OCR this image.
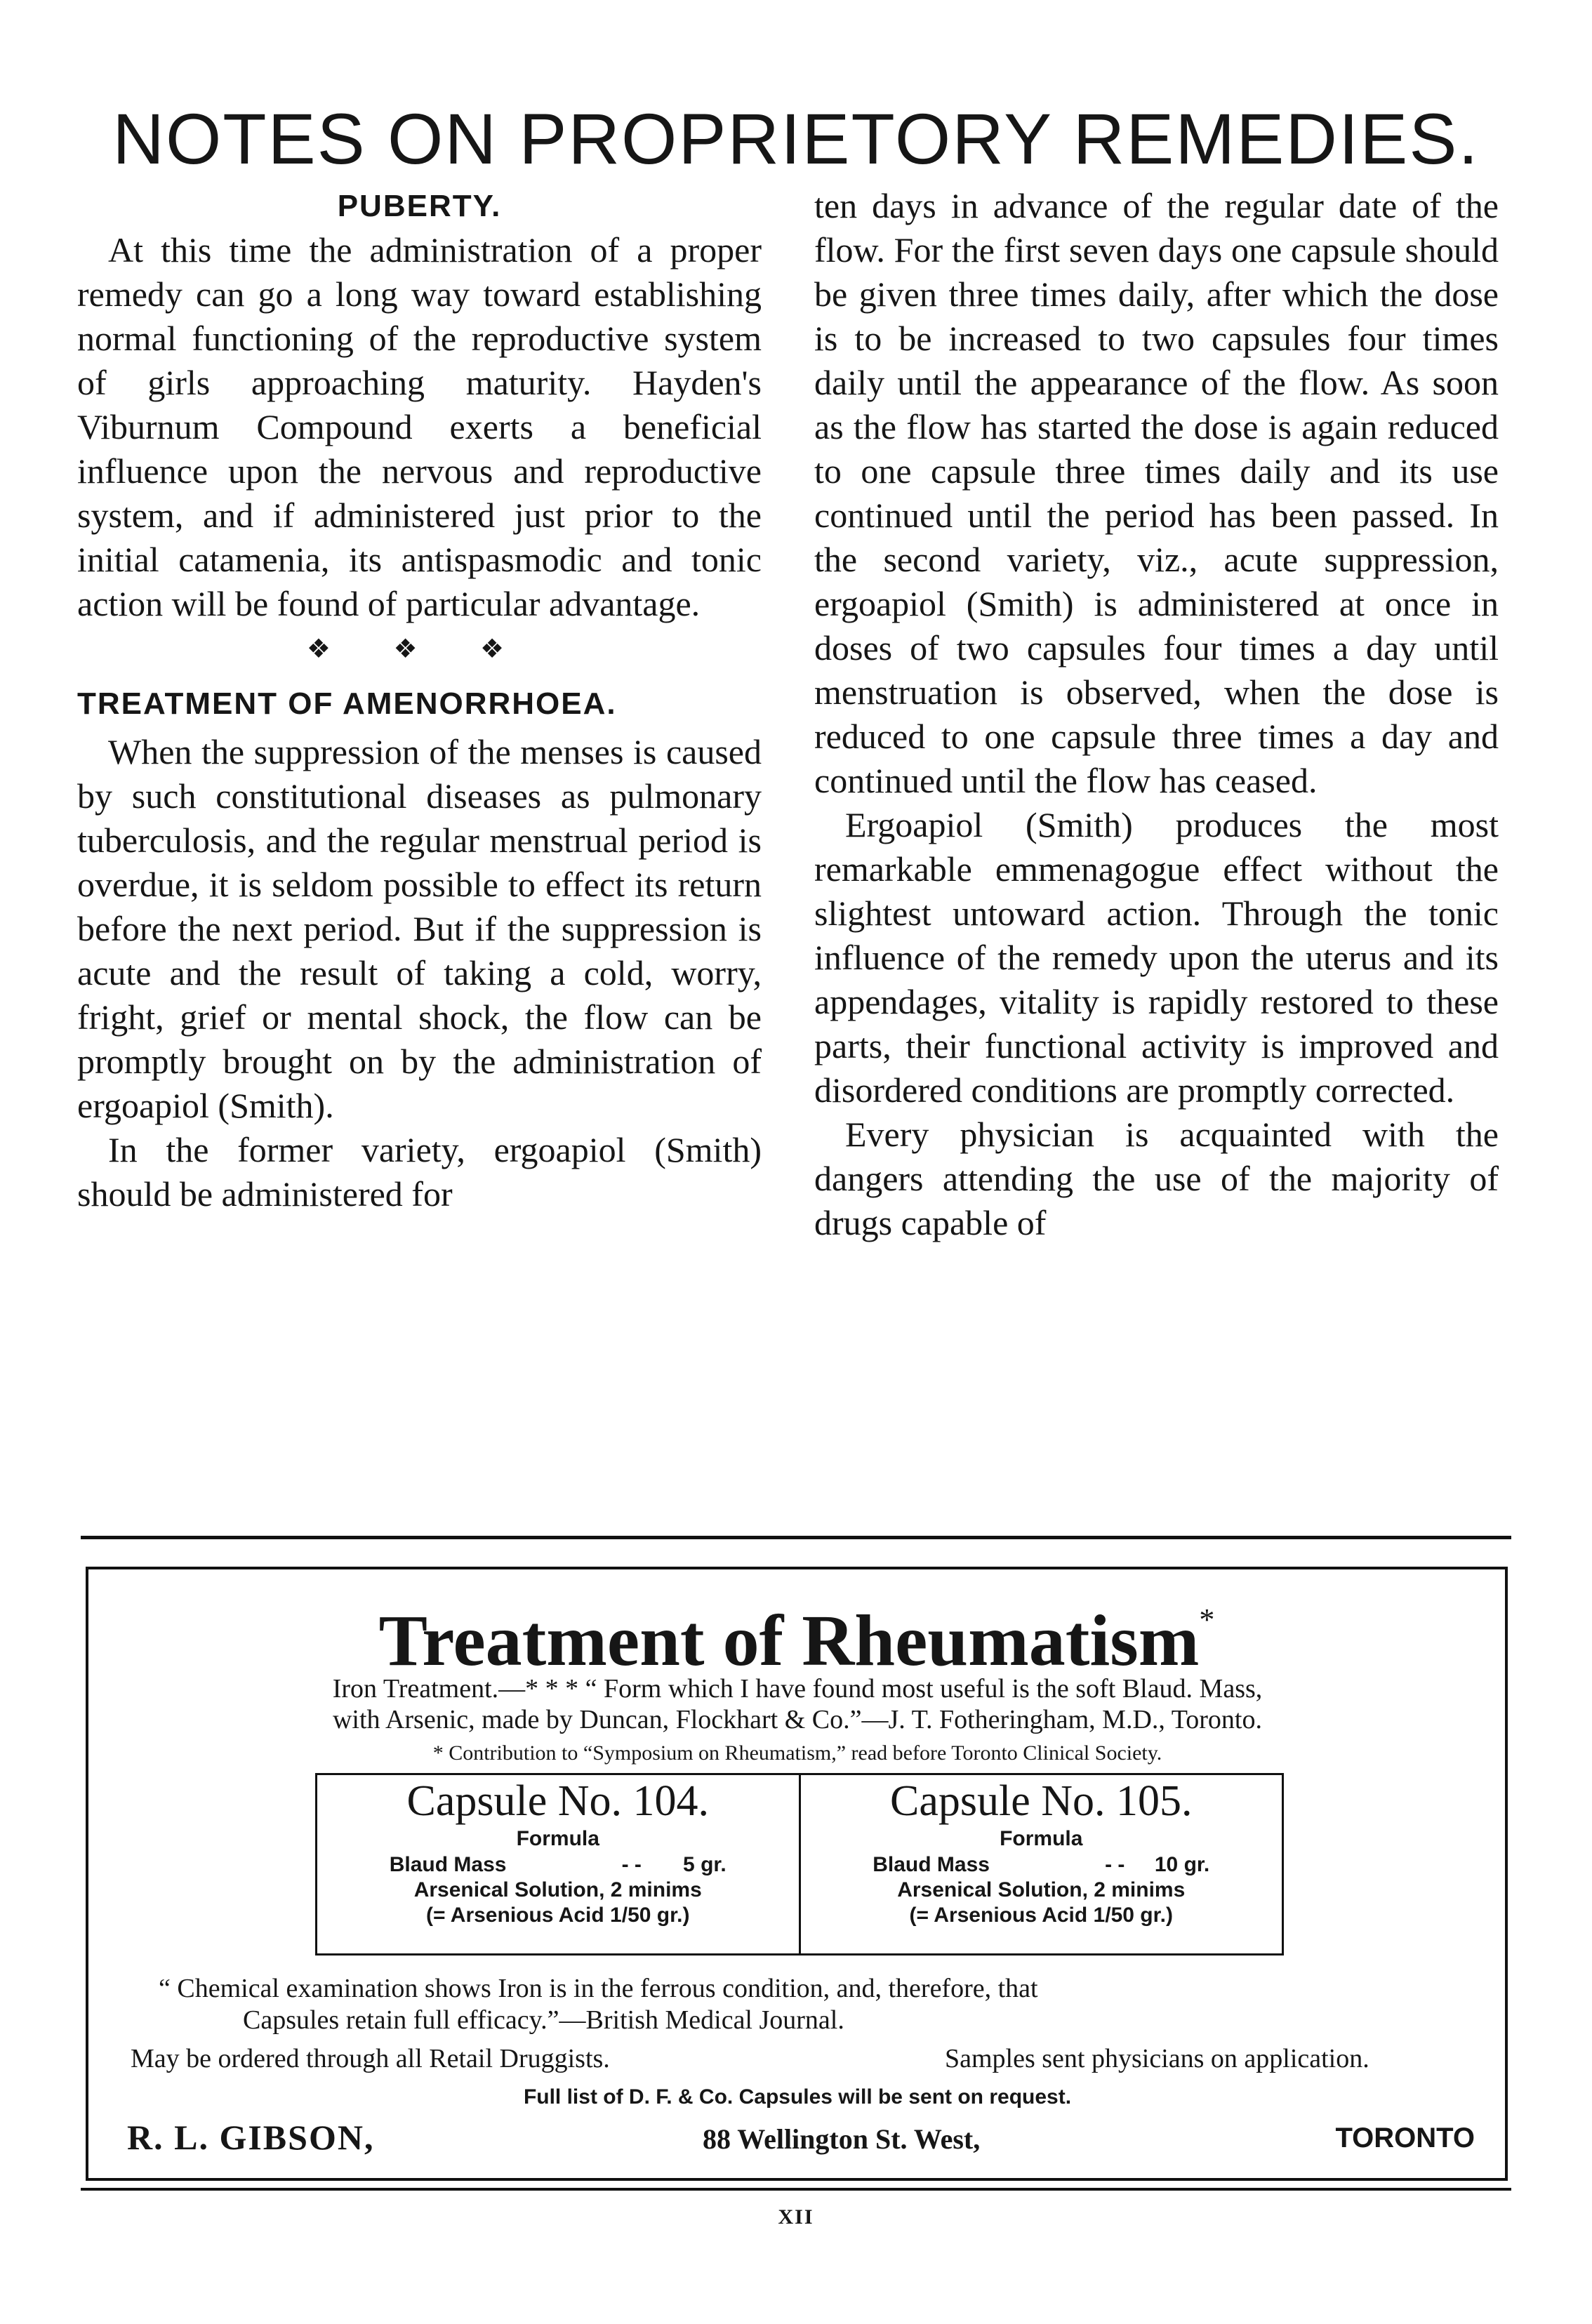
NOTES ON PROPRIETORY REMEDIES.
PUBERTY.

At this time the administration of a proper remedy can go a long way toward establishing normal functioning of the reproductive system of girls approaching maturity. Hayden's Viburnum Compound exerts a beneficial influence upon the nervous and reproductive system, and if administered just prior to the initial catamenia, its antispasmodic and tonic action will be found of particular advantage.

❖ ❖ ❖
TREATMENT OF AMENORRHOEA.

When the suppression of the menses is caused by such constitutional diseases as pulmonary tuberculosis, and the regular menstrual period is overdue, it is seldom possible to effect its return before the next period. But if the suppression is acute and the result of taking a cold, worry, fright, grief or mental shock, the flow can be promptly brought on by the administration of ergoapiol (Smith).

In the former variety, ergoapiol (Smith) should be administered for

ten days in advance of the regular date of the flow. For the first seven days one capsule should be given three times daily, after which the dose is to be increased to two capsules four times daily until the appearance of the flow. As soon as the flow has started the dose is again reduced to one capsule three times daily and its use continued until the period has been passed. In the second variety, viz., acute suppression, ergoapiol (Smith) is administered at once in doses of two capsules four times a day until menstruation is observed, when the dose is reduced to one capsule three times a day and continued until the flow has ceased.

Ergoapiol (Smith) produces the most remarkable emmenagogue effect without the slightest untoward action. Through the tonic influence of the remedy upon the uterus and its appendages, vitality is rapidly restored to these parts, their functional activity is improved and disordered conditions are promptly corrected.

Every physician is acquainted with the dangers attending the use of the majority of drugs capable of

Treatment of Rheumatism*
Iron Treatment.—* * * “ Form which I have found most useful is the soft Blaud. Mass,
with Arsenic, made by Duncan, Flockhart & Co.”—J. T. Fotheringham, M.D., Toronto.
* Contribution to “Symposium on Rheumatism,” read before Toronto Clinical Society.
Capsule No. 104.
Formula
Blaud Mass	- -	5 gr.
Arsenical Solution, 2 minims
(= Arsenious Acid 1/50 gr.)
Capsule No. 105.
Formula
Blaud Mass	- -	10 gr.
Arsenical Solution, 2 minims
(= Arsenious Acid 1/50 gr.)
“ Chemical examination shows Iron is in the ferrous condition, and, therefore, that
Capsules retain full efficacy.”—British Medical Journal.
May be ordered through all Retail Druggists.	Samples sent physicians on application.
Full list of D. F. & Co. Capsules will be sent on request.
R. L. GIBSON,	88 Wellington St. West,	TORONTO
XII
